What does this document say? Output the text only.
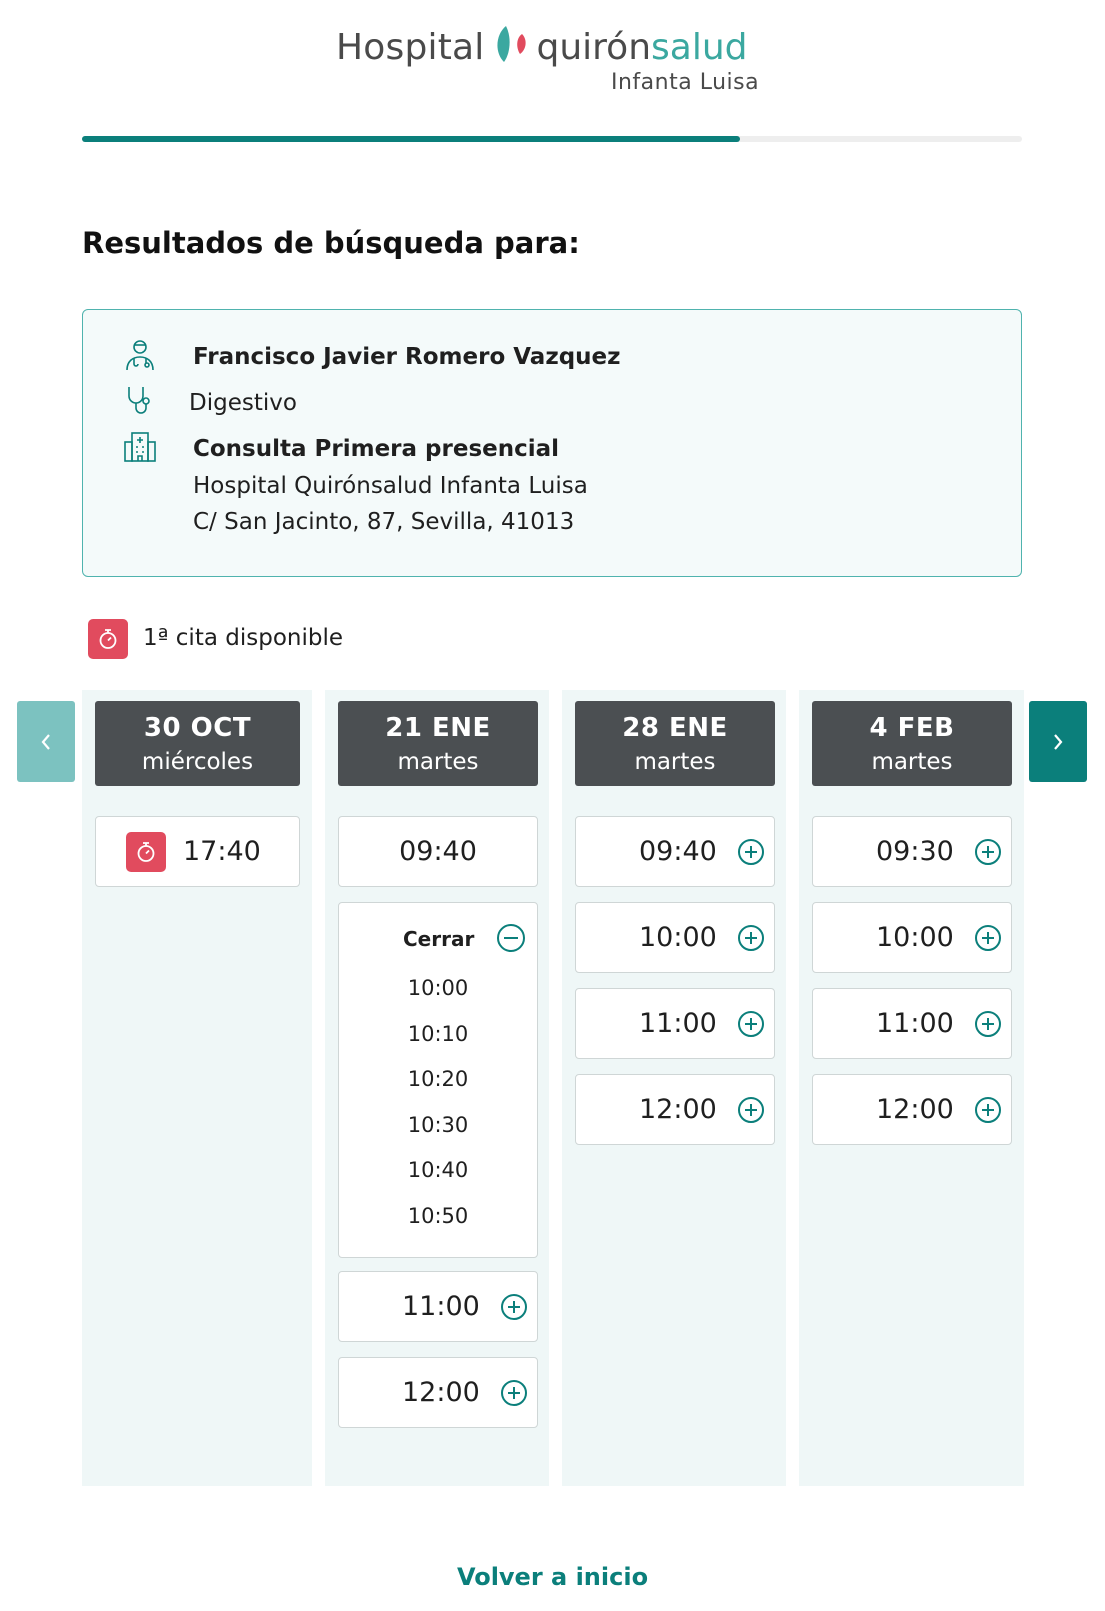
Hospital quirón salud
Infanta Luisa
Resultados de búsqueda para:
Francisco Javier Romero Vazquez
Digestivo
Consulta Primera presencial
Hospital Quirónsalud Infanta Luisa
C/ San Jacinto, 87, Sevilla, 41013
1ª cita disponible
30 OCT
miércoles
21 ENE
martes
28 ENE
martes
4 FEB
martes
17:40	09:40
Cerrar
10:00
10:10
10:20
10:30
10:40
10:50
11:00
12:00
09:40
10:00
11:00
12:00
09:30
10:00
11:00
12:00
Volver a inicio
